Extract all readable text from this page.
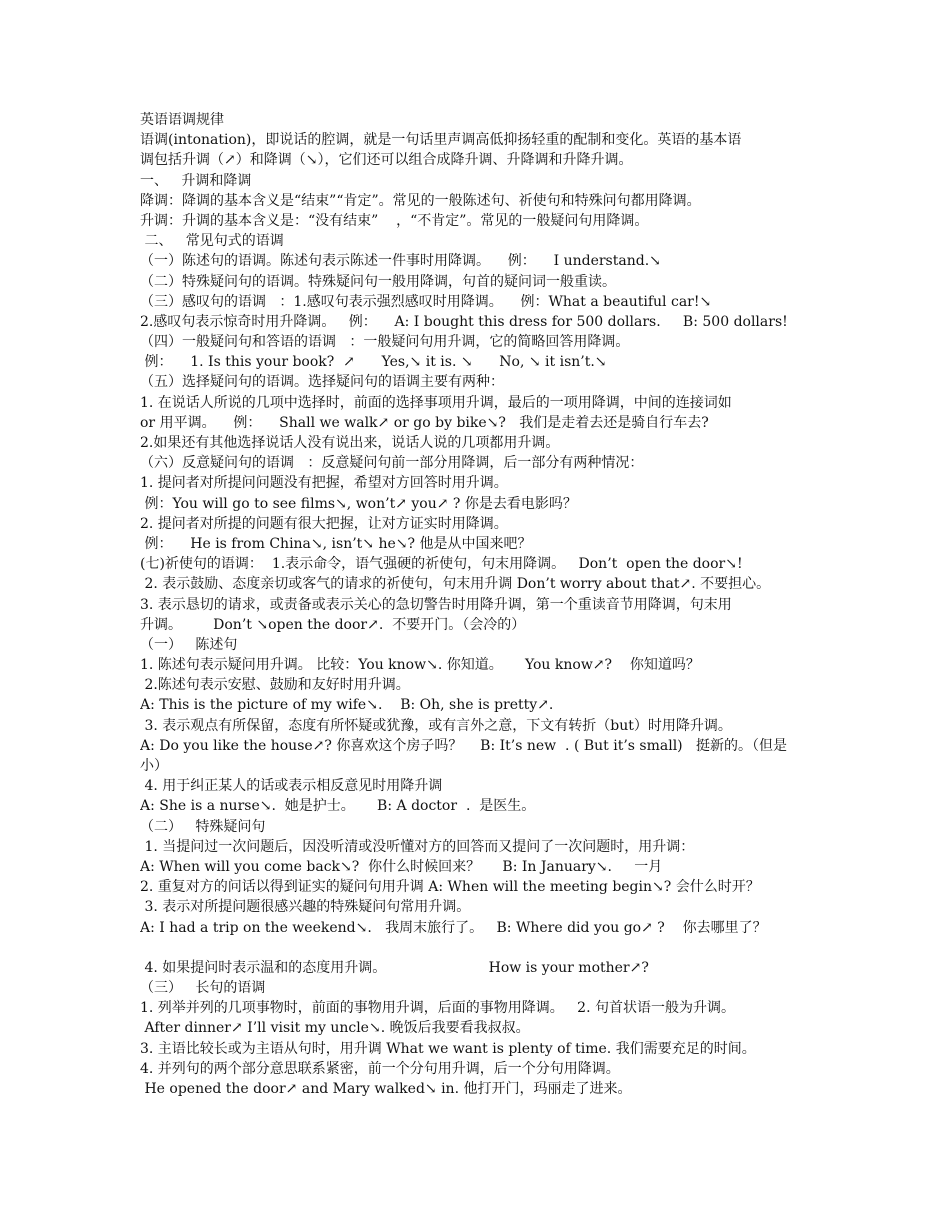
英语语调规律
语调(intonation)，即说话的腔调，就是一句话里声调高低抑扬轻重的配制和变化。英语的基本语
调包括升调（↗）和降调（↘），它们还可以组合成降升调、升降调和升降升调。
一、   升调和降调
降调：降调的基本含义是“结束”“肯定”。常见的一般陈述句、祈使句和特殊问句都用降调。
升调：升调的基本含义是：“没有结束”    ，“不肯定”。常见的一般疑问句用降调。
二、   常见句式的语调
（一）陈述句的语调。陈述句表示陈述一件事时用降调。    例：    I understand.↘
（二）特殊疑问句的语调。特殊疑问句一般用降调，句首的疑问词一般重读。
（三）感叹句的语调   ：1.感叹句表示强烈感叹时用降调。    例：What a beautiful car!↘
2.感叹句表示惊奇时用升降调。   例：    A: I bought this dress for 500 dollars.     B: 500 dollars!
（四）一般疑问句和答语的语调   ：一般疑问句用升调，它的简略回答用降调。
例：    1. Is this your book?  ↗      Yes,↘ it is. ↘      No, ↘ it isn’t.↘
（五）选择疑问句的语调。选择疑问句的语调主要有两种：
1. 在说话人所说的几项中选择时，前面的选择事项用升调，最后的一项用降调，中间的连接词如
or 用平调。    例：    Shall we walk↗ or go by bike↘?   我们是走着去还是骑自行车去?
2.如果还有其他选择说话人没有说出来，说话人说的几项都用升调。
（六）反意疑问句的语调   ：反意疑问句前一部分用降调，后一部分有两种情况：
1. 提问者对所提问问题没有把握，希望对方回答时用升调。
例：You will go to see films↘, won’t↗ you↗ ? 你是去看电影吗？
2. 提问者对所提的问题有很大把握，让对方证实时用降调。
例：    He is from China↘, isn’t↘ he↘? 他是从中国来吧？
(七)祈使句的语调：  1.表示命令，语气强硬的祈使句，句末用降调。   Don’t  open the door↘!
2. 表示鼓励、态度亲切或客气的请求的祈使句，句末用升调 Don’t worry about that↗. 不要担心。
3. 表示恳切的请求，或责备或表示关心的急切警告时用降升调，第一个重读音节用降调，句末用
升调。       Don’t ↘open the door↗.  不要开门。（会冷的）
（一）   陈述句
1. 陈述句表示疑问用升调。 比较：You know↘. 你知道。     You know↗?    你知道吗？
2.陈述句表示安慰、鼓励和友好时用升调。
A: This is the picture of my wife↘.    B: Oh, she is pretty↗.
3. 表示观点有所保留，态度有所怀疑或犹豫，或有言外之意，下文有转折（but）时用降升调。
A: Do you like the house↗? 你喜欢这个房子吗？    B: It’s new  . ( But it’s small)   挺新的。（但是
小）
4. 用于纠正某人的话或表示相反意见时用降升调
A: She is a nurse↘.  她是护士。     B: A doctor  .  是医生。
（二）   特殊疑问句
1. 当提问过一次问题后，因没听清或没听懂对方的回答而又提问了一次问题时，用升调：
A: When will you come back↘?  你什么时候回来？     B: In January↘.     一月
2. 重复对方的问话以得到证实的疑问句用升调 A: When will the meeting begin↘? 会什么时开？
3. 表示对所提问题很感兴趣的特殊疑问句常用升调。
A: I had a trip on the weekend↘.   我周末旅行了。   B: Where did you go↗ ?    你去哪里了？
4. 如果提问时表示温和的态度用升调。                       How is your mother↗?
（三）   长句的语调
1. 列举并列的几项事物时，前面的事物用升调，后面的事物用降调。   2. 句首状语一般为升调。
After dinner↗ I’ll visit my uncle↘. 晚饭后我要看我叔叔。
3. 主语比较长或为主语从句时，用升调 What we want is plenty of time. 我们需要充足的时间。
4. 并列句的两个部分意思联系紧密，前一个分句用升调，后一个分句用降调。
He opened the door↗ and Mary walked↘ in. 他打开门，玛丽走了进来。
